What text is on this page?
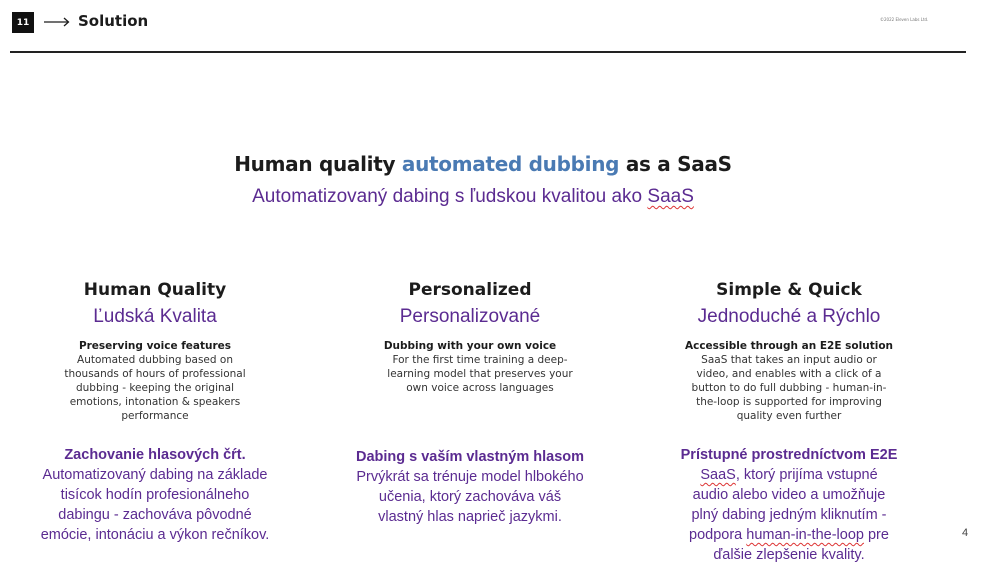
11	Solution	©2022 Eleven Labs Ltd.
Human quality automated dubbing as a SaaS
Automatizovaný dabing s ľudskou kvalitou ako SaaS
Human Quality
Ľudská Kvalita
Preserving voice features
Automated dubbing based on thousands of hours of professional dubbing - keeping the original emotions, intonation & speakers performance
Zachovanie hlasových čŕt.
Automatizovaný dabing na základe tisícok hodín profesionálneho dabingu - zachováva pôvodné emócie, intonáciu a výkon rečníkov.
Personalized
Personalizované
Dubbing with your own voice
For the first time training a deep-learning model that preserves your own voice across languages
Dabing s vaším vlastným hlasom
Prvýkrát sa trénuje model hlbokého učenia, ktorý zachováva váš vlastný hlas naprieč jazykmi.
Simple & Quick
Jednoduché a Rýchlo
Accessible through an E2E solution
SaaS that takes an input audio or video, and enables with a click of a button to do full dubbing - human-in-the-loop is supported for improving quality even further
Prístupné prostredníctvom E2E
SaaS, ktorý prijíma vstupné audio alebo video a umožňuje plný dabing jedným kliknutím - podpora human-in-the-loop pre ďalšie zlepšenie kvality.
4
